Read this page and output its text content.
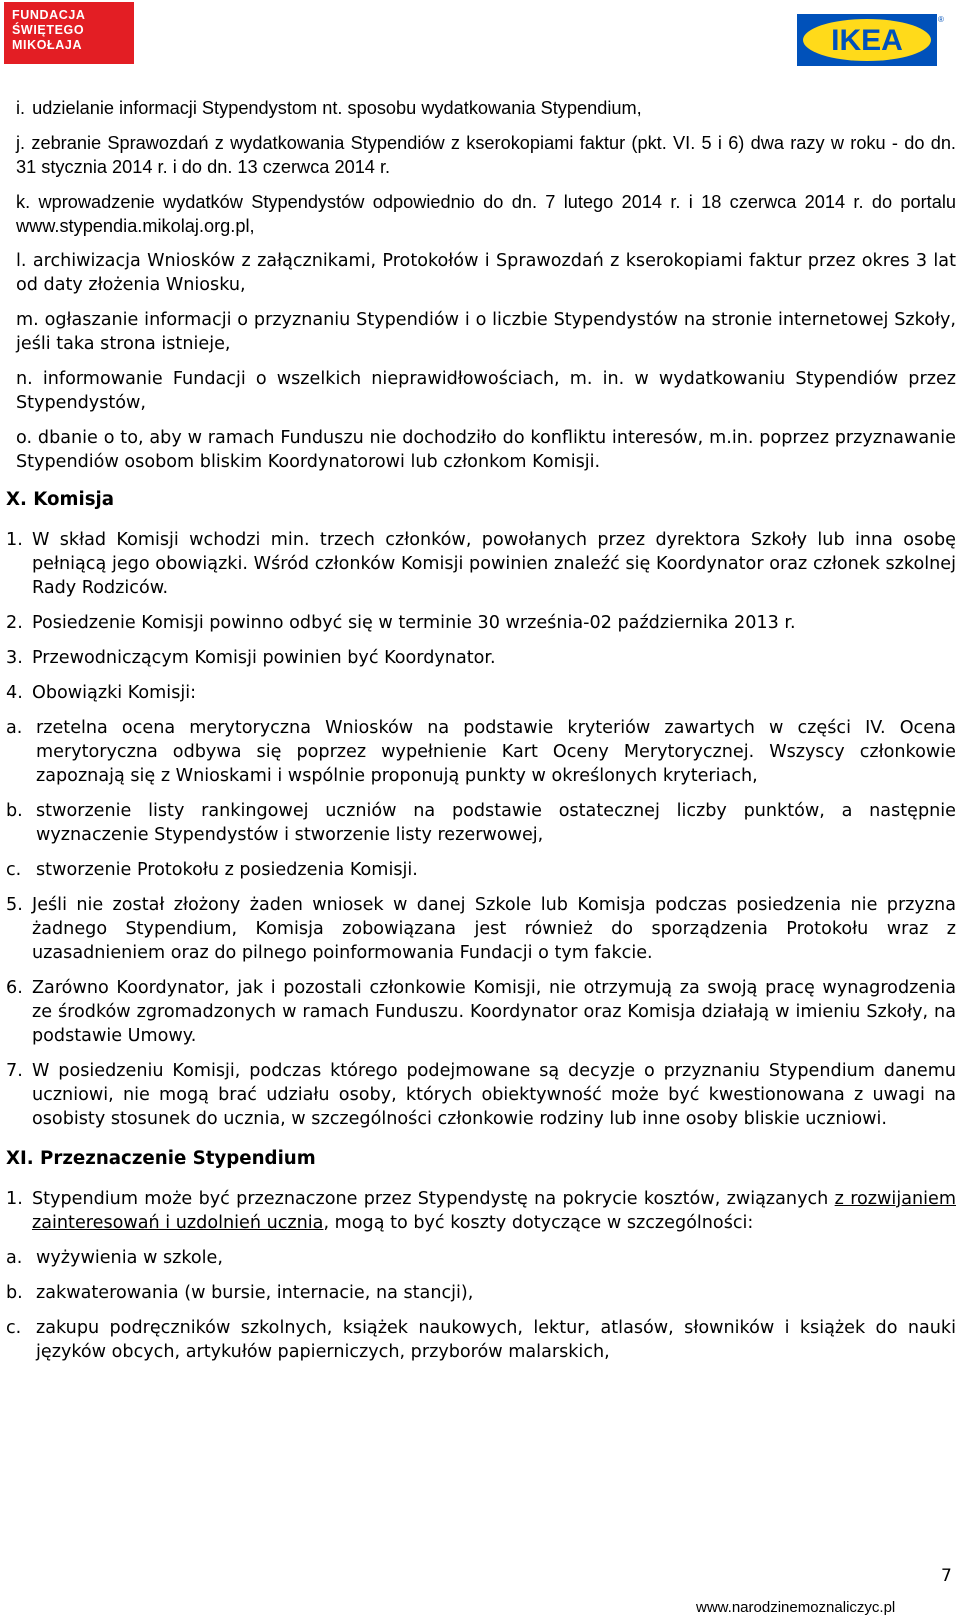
FUNDACJA
ŚWIĘTEGO
MIKOŁAJA	IKEA
®
i. udzielanie informacji Stypendystom nt. sposobu wydatkowania Stypendium,
j. zebranie Sprawozdań z wydatkowania Stypendiów z kserokopiami faktur (pkt. VI. 5 i 6) dwa razy w roku - do dn. 31 stycznia 2014 r. i do dn. 13 czerwca 2014 r.
k. wprowadzenie wydatków Stypendystów odpowiednio do dn. 7 lutego 2014 r. i 18 czerwca 2014 r. do portalu www.stypendia.mikolaj.org.pl,
l. archiwizacja Wniosków z załącznikami, Protokołów i Sprawozdań z kserokopiami faktur przez okres 3 lat od daty złożenia Wniosku,
m. ogłaszanie informacji o przyznaniu Stypendiów i o liczbie Stypendystów na stronie internetowej Szkoły, jeśli taka strona istnieje,
n. informowanie Fundacji o wszelkich nieprawidłowościach, m. in. w wydatkowaniu Stypendiów przez Stypendystów,
o. dbanie o to, aby w ramach Funduszu nie dochodziło do konfliktu interesów, m.in. poprzez przyznawanie Stypendiów osobom bliskim Koordynatorowi lub członkom Komisji.
X. Komisja
1. W skład Komisji wchodzi min. trzech członków, powołanych przez dyrektora Szkoły lub inna osobę pełniącą jego obowiązki. Wśród członków Komisji powinien znaleźć się Koordynator oraz członek szkolnej Rady Rodziców.
2. Posiedzenie Komisji powinno odbyć się w terminie 30 września-02 października 2013 r.
3. Przewodniczącym Komisji powinien być Koordynator.
4. Obowiązki Komisji:
a. rzetelna ocena merytoryczna Wniosków na podstawie kryteriów zawartych w części IV. Ocena merytoryczna odbywa się poprzez wypełnienie Kart Oceny Merytorycznej. Wszyscy członkowie zapoznają się z Wnioskami i wspólnie proponują punkty w określonych kryteriach,
b. stworzenie listy rankingowej uczniów na podstawie ostatecznej liczby punktów, a następnie wyznaczenie Stypendystów i stworzenie listy rezerwowej,
c. stworzenie Protokołu z posiedzenia Komisji.
5. Jeśli nie został złożony żaden wniosek w danej Szkole lub Komisja podczas posiedzenia nie przyzna żadnego Stypendium, Komisja zobowiązana jest również do sporządzenia Protokołu wraz z uzasadnieniem oraz do pilnego poinformowania Fundacji o tym fakcie.
6. Zarówno Koordynator, jak i pozostali członkowie Komisji, nie otrzymują za swoją pracę wynagrodzenia ze środków zgromadzonych w ramach Funduszu. Koordynator oraz Komisja działają w imieniu Szkoły, na podstawie Umowy.
7. W posiedzeniu Komisji, podczas którego podejmowane są decyzje o przyznaniu Stypendium danemu uczniowi, nie mogą brać udziału osoby, których obiektywność może być kwestionowana z uwagi na osobisty stosunek do ucznia, w szczególności członkowie rodziny lub inne osoby bliskie uczniowi.
XI. Przeznaczenie Stypendium
1. Stypendium może być przeznaczone przez Stypendystę na pokrycie kosztów, związanych z rozwijaniem zainteresowań i uzdolnień ucznia, mogą to być koszty dotyczące w szczególności:
a. wyżywienia w szkole,
b. zakwaterowania (w bursie, internacie, na stancji),
c. zakupu podręczników szkolnych, książek naukowych, lektur, atlasów, słowników i książek do nauki języków obcych, artykułów papierniczych, przyborów malarskich,
7
www.narodzinemoznaliczyc.pl
